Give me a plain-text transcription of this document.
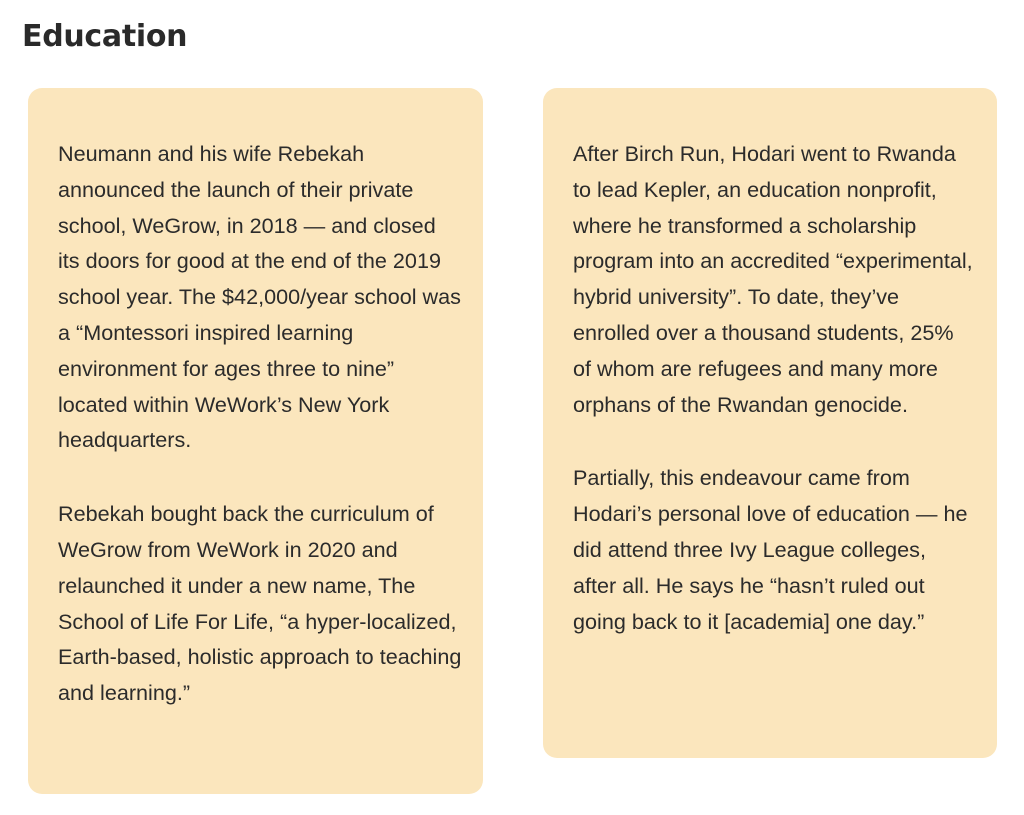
Education

Neumann and his wife Rebekah announced the launch of their private school, WeGrow, in 2018 — and closed its doors for good at the end of the 2019 school year. The $42,000/year school was a “Montessori inspired learning environment for ages three to nine” located within WeWork’s New York headquarters.

Rebekah bought back the curriculum of WeGrow from WeWork in 2020 and relaunched it under a new name, The School of Life For Life, “a hyper-localized, Earth-based, holistic approach to teaching and learning.”

After Birch Run, Hodari went to Rwanda to lead Kepler, an education nonprofit, where he transformed a scholarship program into an accredited “experimental, hybrid university”. To date, they’ve enrolled over a thousand students, 25% of whom are refugees and many more orphans of the Rwandan genocide.

Partially, this endeavour came from Hodari’s personal love of education — he did attend three Ivy League colleges, after all. He says he “hasn’t ruled out going back to it [academia] one day.”
